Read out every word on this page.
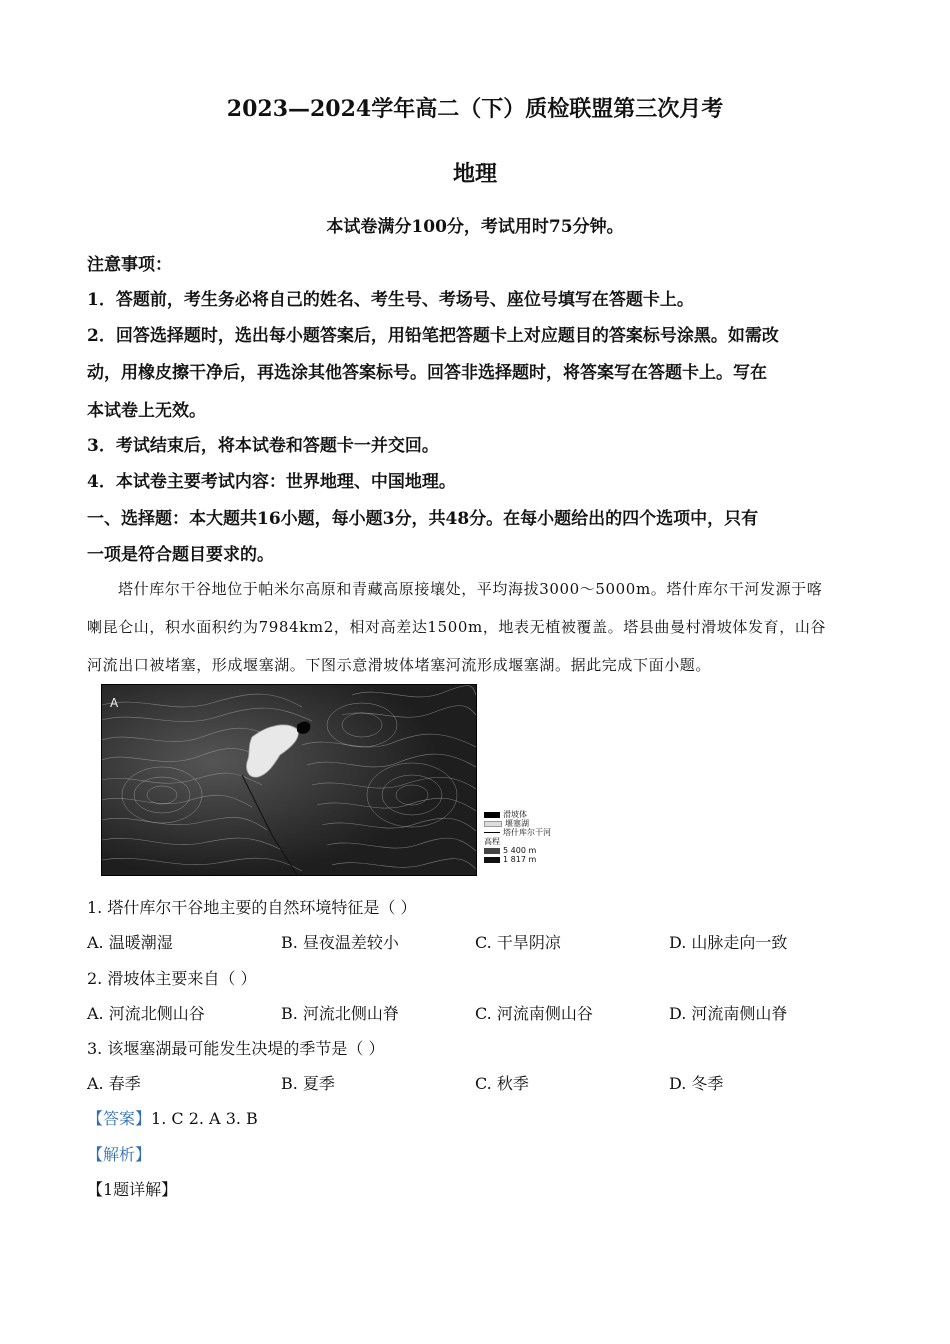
2023—2024学年高二（下）质检联盟第三次月考
地理
本试卷满分100分，考试用时75分钟。
注意事项：
1．答题前，考生务必将自己的姓名、考生号、考场号、座位号填写在答题卡上。
2．回答选择题时，选出每小题答案后，用铅笔把答题卡上对应题目的答案标号涂黑。如需改
动，用橡皮擦干净后，再选涂其他答案标号。回答非选择题时，将答案写在答题卡上。写在
本试卷上无效。
3．考试结束后，将本试卷和答题卡一并交回。
4．本试卷主要考试内容：世界地理、中国地理。
一、选择题：本大题共16小题，每小题3分，共48分。在每小题给出的四个选项中，只有
一项是符合题目要求的。
塔什库尔干谷地位于帕米尔高原和青藏高原接壤处，平均海拔3000～5000m。塔什库尔干河发源于喀
喇昆仑山，积水面积约为7984km2，相对高差达1500m，地表无植被覆盖。塔县曲曼村滑坡体发育，山谷
河流出口被堵塞，形成堰塞湖。下图示意滑坡体堵塞河流形成堰塞湖。据此完成下面小题。
A
滑坡体
堰塞湖
塔什库尔干河
高程
5 400 m
1 817 m
1. 塔什库尔干谷地主要的自然环境特征是（ ）
A. 温暖潮湿	B. 昼夜温差较小	C. 干旱阴凉	D. 山脉走向一致
2. 滑坡体主要来自（ ）
A. 河流北侧山谷	B. 河流北侧山脊	C. 河流南侧山谷	D. 河流南侧山脊
3. 该堰塞湖最可能发生决堤的季节是（ ）
A. 春季	B. 夏季	C. 秋季	D. 冬季
【答案】1. C 2. A 3. B
【解析】
【1题详解】
